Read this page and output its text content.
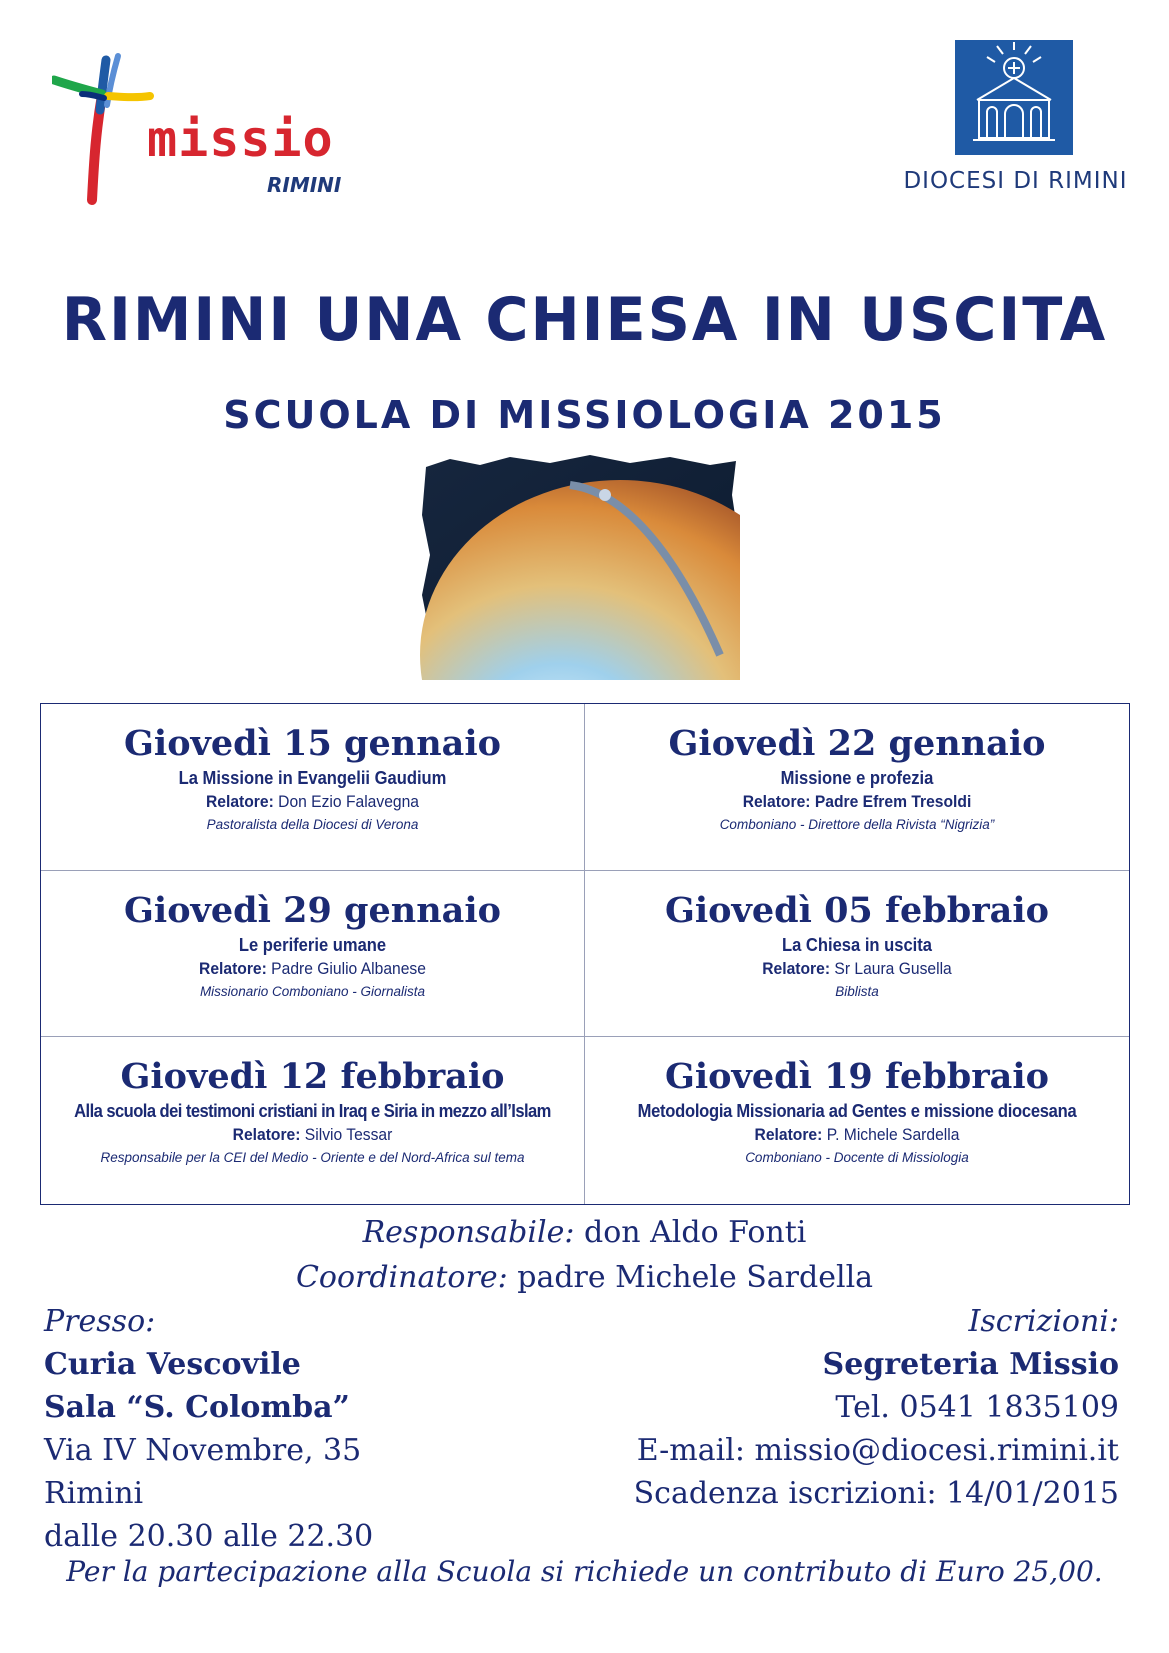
missio
RIMINI	DIOCESI DI RIMINI
RIMINI UNA CHIESA IN USCITA
SCUOLA DI MISSIOLOGIA 2015
Giovedì 15 gennaio
La Missione in Evangelii Gaudium
Relatore: Don Ezio Falavegna
Pastoralista della Diocesi di Verona
Giovedì 22 gennaio
Missione e profezia
Relatore: Padre Efrem Tresoldi
Comboniano - Direttore della Rivista “Nigrizia”
Giovedì 29 gennaio
Le periferie umane
Relatore: Padre Giulio Albanese
Missionario Comboniano - Giornalista
Giovedì 05 febbraio
La Chiesa in uscita
Relatore: Sr Laura Gusella
Biblista
Giovedì 12 febbraio
Alla scuola dei testimoni cristiani in Iraq e Siria in mezzo all’Islam
Relatore: Silvio Tessar
Responsabile per la CEI del Medio - Oriente e del Nord-Africa sul tema
Giovedì 19 febbraio
Metodologia Missionaria ad Gentes e missione diocesana
Relatore: P. Michele Sardella
Comboniano - Docente di Missiologia
Responsabile: don Aldo Fonti
Coordinatore: padre Michele Sardella
Presso:
Curia Vescovile
Sala “S. Colomba”
Via IV Novembre, 35
Rimini
dalle 20.30 alle 22.30
Iscrizioni:
Segreteria Missio
Tel. 0541 1835109
E-mail: missio@diocesi.rimini.it
Scadenza iscrizioni: 14/01/2015
Per la partecipazione alla Scuola si richiede un contributo di Euro 25,00.
